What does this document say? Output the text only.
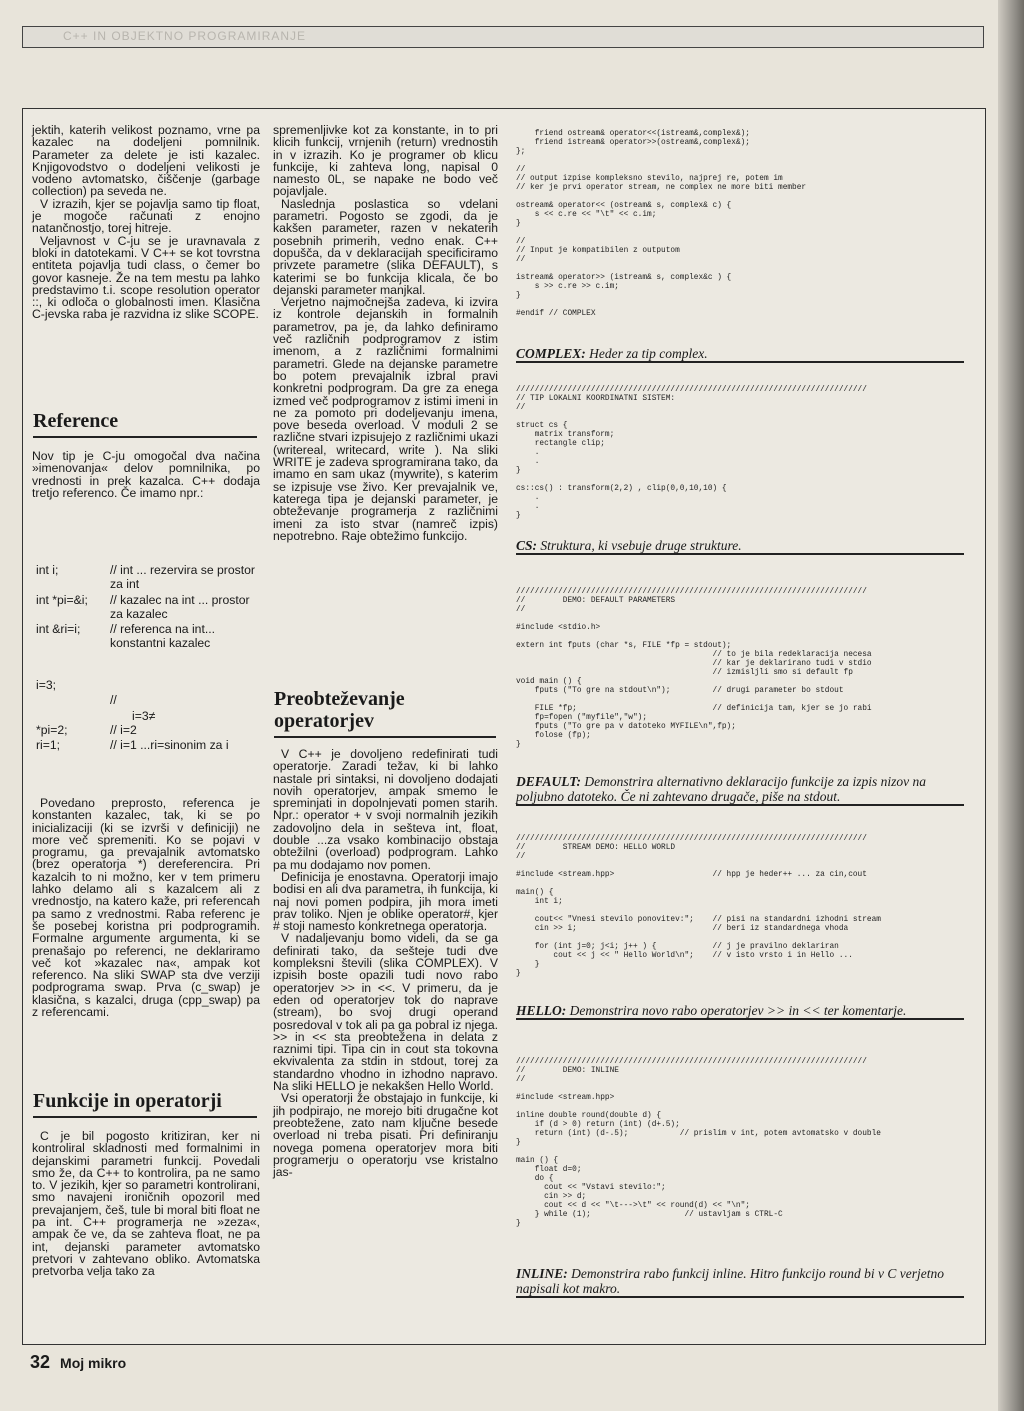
C++ IN OBJEKTNO PROGRAMIRANJE

jektih, katerih velikost poznamo, vrne pa kazalec na dodeljeni pomnilnik. Parameter za delete je isti kazalec. Knjigovodstvo o dodeljeni velikosti je vodeno avtomatsko, čiščenje (garbage collection) pa seveda ne.

V izrazih, kjer se pojavlja samo tip float, je mogoče računati z enojno natančnostjo, torej hitreje.

Veljavnost v C-ju se je uravnavala z bloki in datotekami. V C++ se kot tovrstna entiteta pojavlja tudi class, o čemer bo govor kasneje. Že na tem mestu pa lahko predstavimo t.i. scope resolution operator ::, ki odloča o globalnosti imen. Klasična C-jevska raba je razvidna iz slike SCOPE.

Reference

Nov tip je C-ju omogočal dva načina »imenovanja« delov pomnilnika, po vrednosti in prek kazalca. C++ dodaja tretjo referenco. Če imamo npr.:

int i;	// int ... rezervira se prostor za int
int *pi=&i; // kazalec na int ... prostor za kazalec
int &ri=i; // referenca na int... konstantni kazalec
i=3;
//
i=3≠
*pi=2;	// i=2
ri=1;	// i=1 ...ri=sinonim za i

Povedano preprosto, referenca je konstanten kazalec, tak, ki se po inicializaciji (ki se izvrši v definiciji) ne more več spremeniti. Ko se pojavi v programu, ga prevajalnik avtomatsko (brez operatorja *) dereferencira. Pri kazalcih to ni možno, ker v tem primeru lahko delamo ali s kazalcem ali z vrednostjo, na katero kaže, pri referencah pa samo z vrednostmi. Raba referenc je še posebej koristna pri podprogramih. Formalne argumente argumenta, ki se prenašajo po referenci, ne deklariramo več kot »kazalec na«, ampak kot referenco. Na sliki SWAP sta dve verziji podprograma swap. Prva (c_swap) je klasična, s kazalci, druga (cpp_swap) pa z referencami.

Funkcije in operatorji

C je bil pogosto kritiziran, ker ni kontroliral skladnosti med formalnimi in dejanskimi parametri funkcij. Povedali smo že, da C++ to kontrolira, pa ne samo to. V jezikih, kjer so parametri kontrolirani, smo navajeni ironičnih opozoril med prevajanjem, češ, tule bi moral biti float ne pa int. C++ programerja ne »zeza«, ampak če ve, da se zahteva float, ne pa int, dejanski parameter avtomatsko pretvori v zahtevano obliko. Avtomatska pretvorba velja tako za

spremenljivke kot za konstante, in to pri klicih funkcij, vrnjenih (return) vrednostih in v izrazih. Ko je programer ob klicu funkcije, ki zahteva long, napisal 0 namesto 0L, se napake ne bodo več pojavljale.

Naslednja poslastica so vdelani parametri. Pogosto se zgodi, da je kakšen parameter, razen v nekaterih posebnih primerih, vedno enak. C++ dopušča, da v deklaracijah specificiramo privzete parametre (slika DEFAULT), s katerimi se bo funkcija klicala, če bo dejanski parameter manjkal.

Verjetno najmočnejša zadeva, ki izvira iz kontrole dejanskih in formalnih parametrov, pa je, da lahko definiramo več različnih podprogramov z istim imenom, a z različnimi formalnimi parametri. Glede na dejanske parametre bo potem prevajalnik izbral pravi konkretni podprogram. Da gre za enega izmed več podprogramov z istimi imeni in ne za pomoto pri dodeljevanju imena, pove beseda overload. V moduli 2 se različne stvari izpisujejo z različnimi ukazi (writereal, writecard, write ). Na sliki WRITE je zadeva sprogramirana tako, da imamo en sam ukaz (mywrite), s katerim se izpisuje vse živo. Ker prevajalnik ve, katerega tipa je dejanski parameter, je obteževanje programerja z različnimi imeni za isto stvar (namreč izpis) nepotrebno. Raje obtežimo funkcijo.

Preobteževanje operatorjev

V C++ je dovoljeno redefinirati tudi operatorje. Zaradi težav, ki bi lahko nastale pri sintaksi, ni dovoljeno dodajati novih operatorjev, ampak smemo le spreminjati in dopolnjevati pomen starih. Npr.: operator + v svoji normalnih jezikih zadovoljno dela in seštevа int, float, double ...za vsako kombinacijo obstaja obtežilni (overload) podprogram. Lahko pa mu dodajamo nov pomen.

Definicija je enostavna. Operatorji imajo bodisi en ali dva parametra, ih funkcija, ki naj novi pomen podpira, jih mora imeti prav toliko. Njen je oblike operator#, kjer # stoji namesto konkretnega operatorja.

V nadaljevanju bomo videli, da se ga definirati tako, da sešteje tudi dve kompleksni števili (slika COMPLEX). V izpisih boste opazili tudi novo rabo operatorjev >> in <<. V primeru, da je eden od operatorjev tok do naprave (stream), bo svoj drugi operand posredoval v tok ali pa ga pobral iz njega. >> in << sta preobtežena in delata z raznimi tipi. Tipa cin in cout sta tokovna ekvivalenta za stdin in stdout, torej za standardno vhodno in izhodno napravo. Na sliki HELLO je nekakšen Hello World.

Vsi operatorji že obstajajo in funkcije, ki jih podpirajo, ne morejo biti drugačne kot preobtežene, zato nam ključne besede overload ni treba pisati. Pri definiranju novega pomena operatorjev mora biti programerju o operatorju vse kristalno jas-

friend ostream& operator<<(istream&,complex&);
friend istream& operator>>(ostream&,complex&);
};

//
// output izpise kompleksno stevilo, najprej re, potem im
// ker je prvi operator stream, ne complex ne more biti member

ostream& operator<< (ostream& s, complex& c) {
s << c.re << "\t" << c.im;
}

//
// Input je kompatibilen z outputom
//

istream& operator>> (istream& s, complex&c ) {
s >> c.re >> c.im;
}

#endif // COMPLEX
COMPLEX: Heder za tip complex.
///////////////////////////////////////////////////////////////////////////
// TIP LOKALNI KOORDINATNI SISTEM:
//

struct cs {
matrix transform;
rectangle clip;
.
.
}

cs::cs() : transform(2,2) , clip(0,0,10,10) {
.
.
}
CS: Struktura, ki vsebuje druge strukture.
///////////////////////////////////////////////////////////////////////////
//        DEMO: DEFAULT PARAMETERS
//

#include <stdio.h>

extern int fputs (char *s, FILE *fp = stdout);
// to je bila redeklaracija necesa
// kar je deklarirano tudi v stdio
// izmisljli smo si default fp
void main () {
fputs ("To gre na stdout\n");         // drugi parameter bo stdout

FILE *fp;                             // definicija tam, kjer se jo rabi
fp=fopen ("myfile","w");
fputs ("To gre pa v datoteko MYFILE\n",fp);
folose (fp);
}
DEFAULT: Demonstrira alternativno deklaracijo funkcije za izpis nizov na poljubno datoteko. Če ni zahtevano drugače, piše na stdout.
///////////////////////////////////////////////////////////////////////////
//        STREAM DEMO: HELLO WORLD
//

#include <stream.hpp>                     // hpp je heder++ ... za cin,cout

main() {
int i;

cout<< "Vnesi stevilo ponovitev:";    // pisi na standardni izhodni stream
cin >> i;                             // beri iz standardnega vhoda

for (int j=0; j<i; j++ ) {            // j je pravilno deklariran
cout << j << " Hello World\n";    // v isto vrsto i in Hello ...
}
}
HELLO: Demonstrira novo rabo operatorjev >> in << ter komentarje.
///////////////////////////////////////////////////////////////////////////
//        DEMO: INLINE
//

#include <stream.hpp>

inline double round(double d) {
if (d > 0) return (int) (d+.5);
return (int) (d-.5);           // prislim v int, potem avtomatsko v double
}

main () {
float d=0;
do {
cout << "Vstavi stevilo:";
cin >> d;
cout << d << "\t--->\t" << round(d) << "\n";
} while (1);                    // ustavljam s CTRL-C
}
INLINE: Demonstrira rabo funkcij inline. Hitro funkcijo round bi v C verjetno napisali kot makro.
32 Moj mikro
